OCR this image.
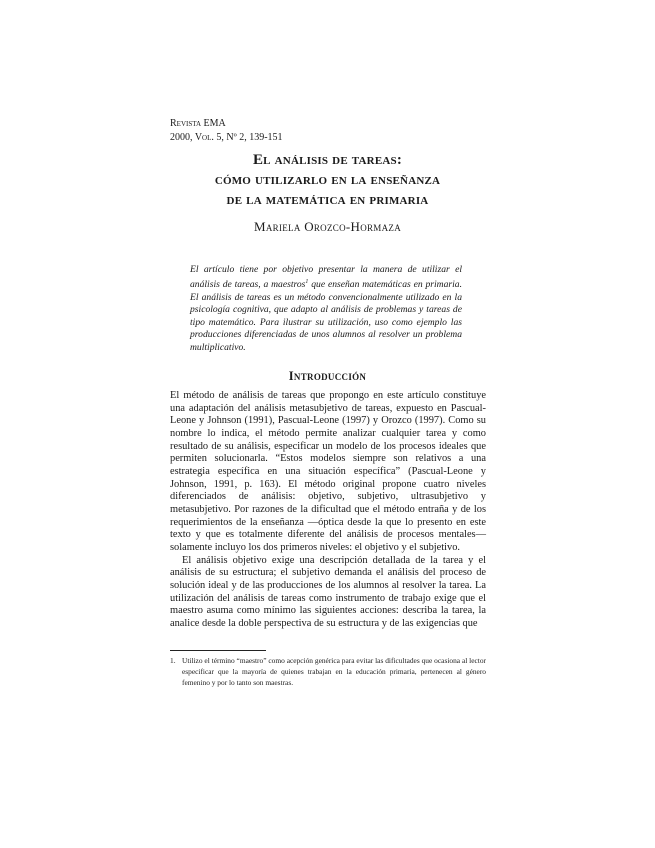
Revista EMA
2000, Vol. 5, Nº 2, 139-151
El análisis de tareas:
cómo utilizarlo en la enseñanza
de la matemática en primaria
Mariela Orozco-Hormaza
El artículo tiene por objetivo presentar la manera de utilizar el análisis de tareas, a maestros$^1$ que enseñan matemáticas en primaria. El análisis de tareas es un método convencionalmente utilizado en la psicología cognitiva, que adapto al análisis de problemas y tareas de tipo matemático. Para ilustrar su utilización, uso como ejemplo las producciones diferenciadas de unos alumnos al resolver un problema multiplicativo.
Introducción

El método de análisis de tareas que propongo en este artículo constituye una adaptación del análisis metasubjetivo de tareas, expuesto en Pascual-Leone y Johnson (1991), Pascual-Leone (1997) y Orozco (1997). Como su nombre lo indica, el método permite analizar cualquier tarea y como resultado de su análisis, especificar un modelo de los procesos ideales que permiten solucionarla. “Estos modelos siempre son relativos a una estrategia específica en una situación específica” (Pascual-Leone y Johnson, 1991, p. 163). El método original propone cuatro niveles diferenciados de análisis: objetivo, subjetivo, ultrasubjetivo y metasubjetivo. Por razones de la dificultad que el método entraña y de los requerimientos de la enseñanza —óptica desde la que lo presento en este texto y que es totalmente diferente del análisis de procesos mentales— solamente incluyo los dos primeros niveles: el objetivo y el subjetivo.

El análisis objetivo exige una descripción detallada de la tarea y el análisis de su estructura; el subjetivo demanda el análisis del proceso de solución ideal y de las producciones de los alumnos al resolver la tarea. La utilización del análisis de tareas como instrumento de trabajo exige que el maestro asuma como mínimo las siguientes acciones: describa la tarea, la analice desde la doble perspectiva de su estructura y de las exigencias que

1. Utilizo el término “maestro” como acepción genérica para evitar las dificultades que ocasiona al lector especificar que la mayoría de quienes trabajan en la educación primaria, pertenecen al género femenino y por lo tanto son maestras.
